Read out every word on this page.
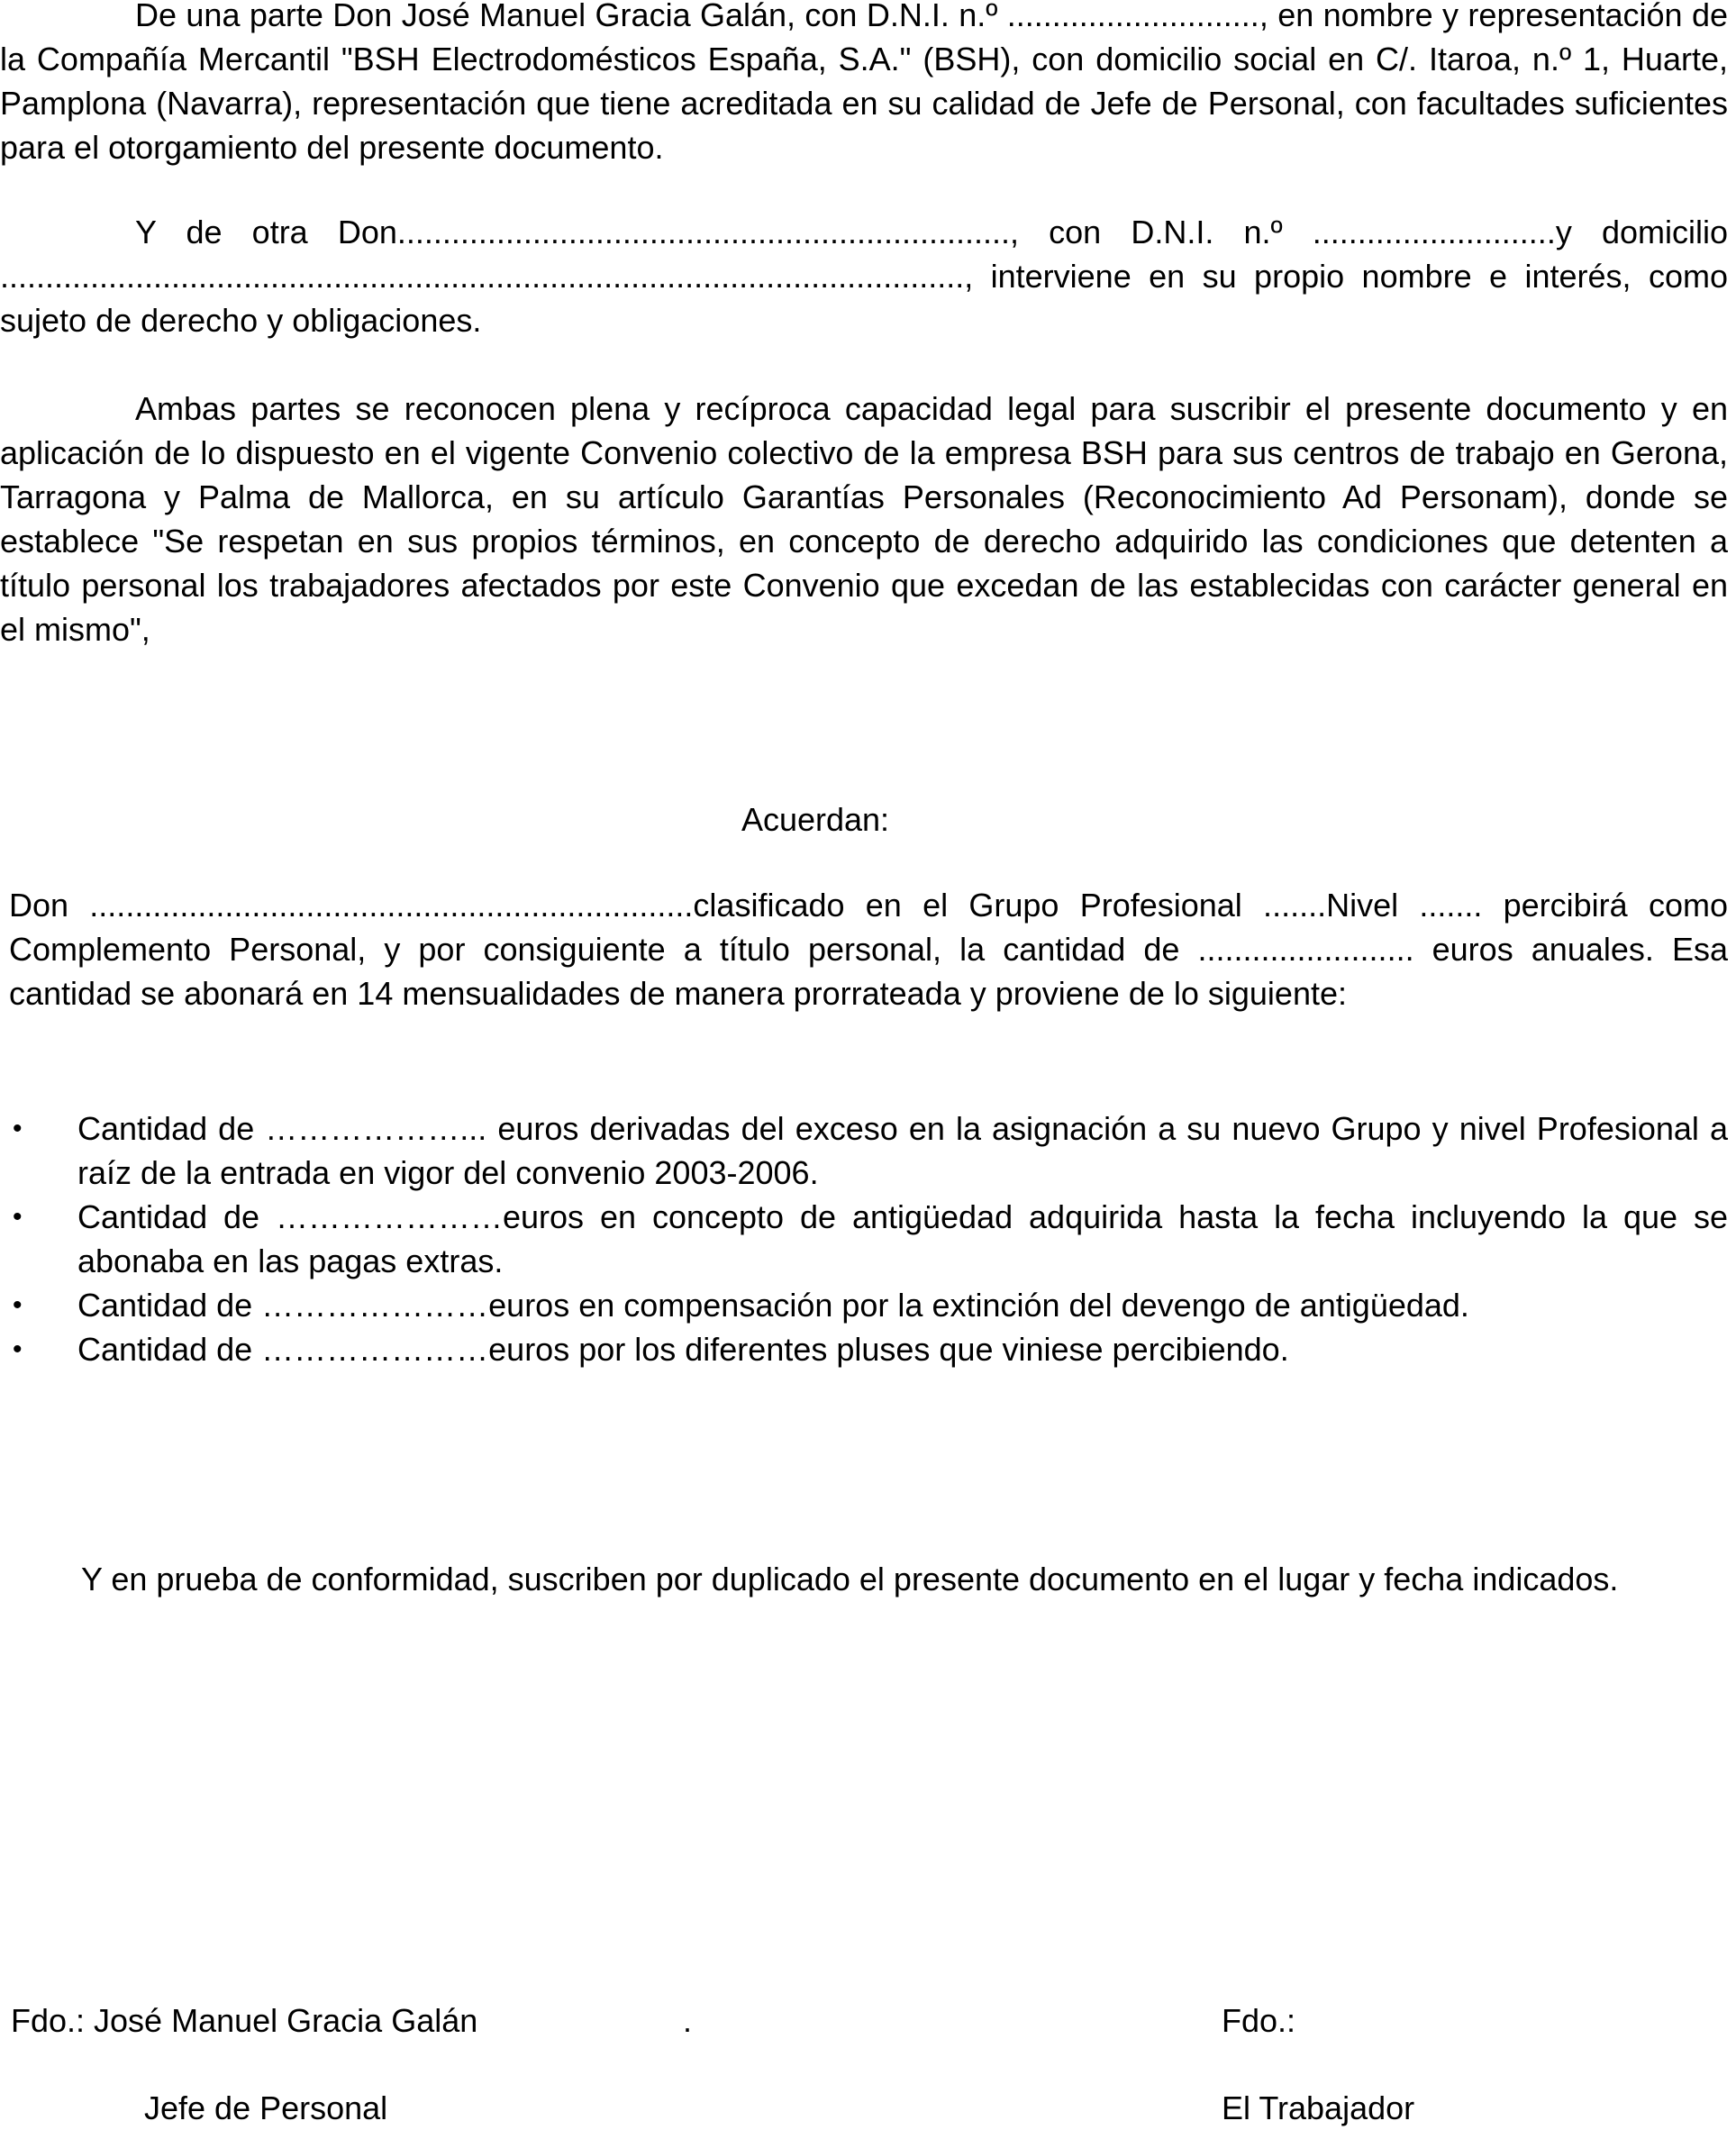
De una parte Don José Manuel Gracia Galán, con D.N.I. n.º ............................, en nombre y representación de la Compañía Mercantil "BSH Electrodomésticos España, S.A." (BSH), con domicilio social en C/. Itaroa, n.º 1, Huarte, Pamplona (Navarra), representación que tiene acreditada en su calidad de Jefe de Personal, con facultades suficientes para el otorgamiento del presente documento.

Y de otra Don...................................................................., con D.N.I. n.º ...........................y domicilio ..........................................................................................................., interviene en su propio nombre e interés, como sujeto de derecho y obligaciones.

Ambas partes se reconocen plena y recíproca capacidad legal para suscribir el presente documento y en aplicación de lo dispuesto en el vigente Convenio colectivo de la empresa BSH para sus centros de trabajo en Gerona, Tarragona y Palma de Mallorca, en su artículo Garantías Personales (Reconocimiento Ad Personam), donde se establece "Se respetan en sus propios términos, en concepto de derecho adquirido las condiciones que detenten a título personal los trabajadores afectados por este Convenio que excedan de las establecidas con carácter general en el mismo",

Acuerdan:

Don ...................................................................clasificado en el Grupo Profesional .......Nivel ....... percibirá como Complemento Personal, y por consiguiente a título personal, la cantidad de ........................ euros anuales. Esa cantidad se abonará en 14 mensualidades de manera prorrateada y proviene de lo siguiente:

•	Cantidad de ………………... euros derivadas del exceso en la asignación a su nuevo Grupo y nivel Profesional a raíz de la entrada en vigor del convenio 2003-2006.
•	Cantidad de …………………euros en concepto de antigüedad adquirida hasta la fecha incluyendo la que se abonaba en las pagas extras.
•	Cantidad de …………………euros en compensación por la extinción del devengo de antigüedad.
•	Cantidad de …………………euros por los diferentes pluses que viniese percibiendo.

Y en prueba de conformidad, suscriben por duplicado el presente documento en el lugar y fecha indicados.

Fdo.: José Manuel Gracia Galán	.	Fdo.:

Jefe de Personal	El Trabajador
